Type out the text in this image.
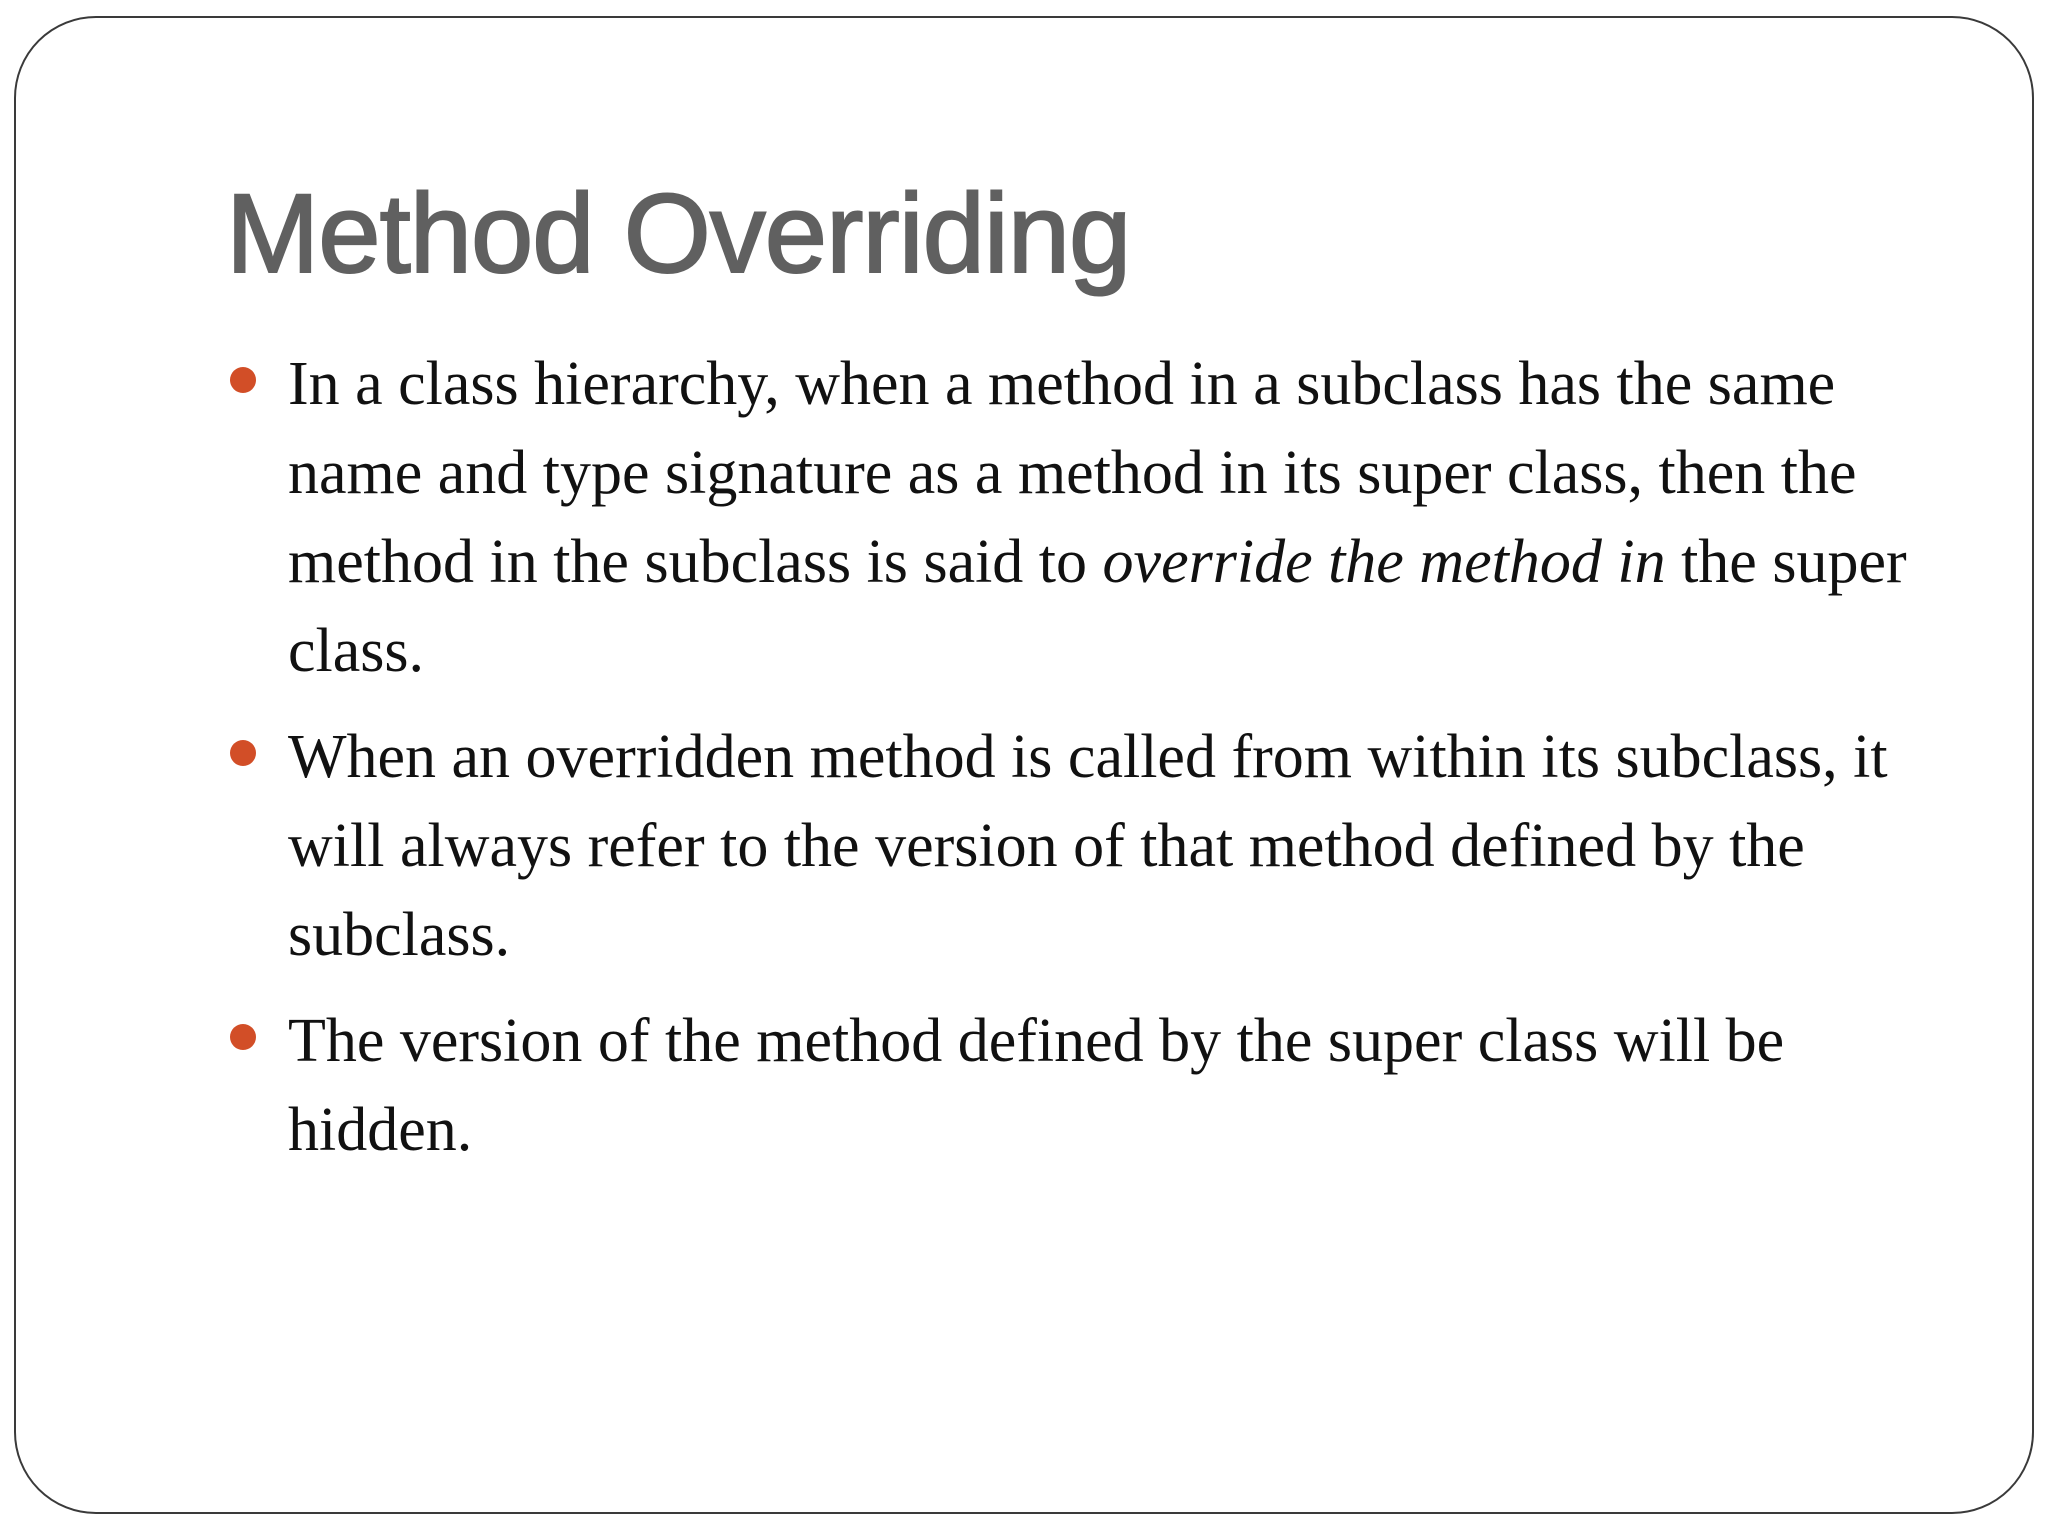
Method Overriding
In a class hierarchy, when a method in a subclass has the same name and type signature as a method in its super class, then the method in the subclass is said to override the method in the super class.
When an overridden method is called from within its subclass, it will always refer to the version of that method defined by the subclass.
The version of the method defined by the super class will be hidden.
